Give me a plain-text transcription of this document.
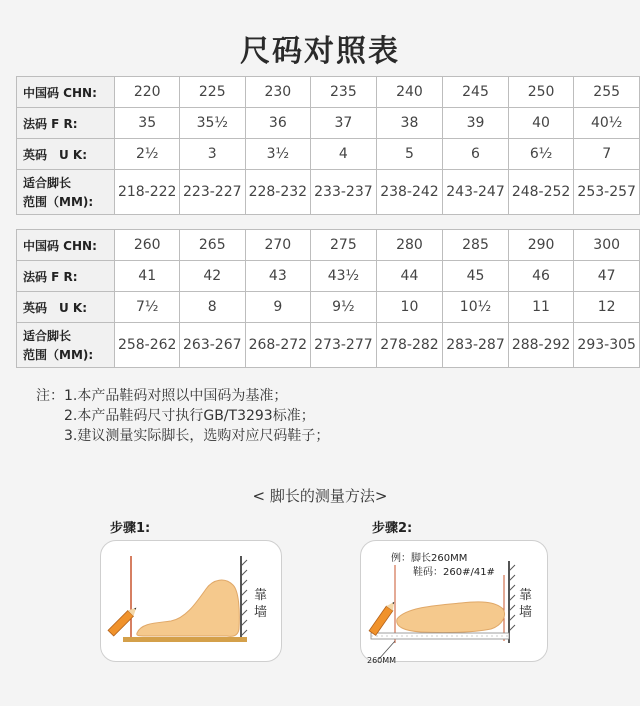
尺码对照表
中国码 CHN:	220	225	230	235	240	245	250	255
法码 F R:	35	35½	36	37	38	39	40	40½
英码　U K:	2½	3	3½	4	5	6	6½	7
适合脚长
范围（MM):	218-222	223-227	228-232	233-237	238-242	243-247	248-252	253-257
中国码 CHN:	260	265	270	275	280	285	290	300
法码 F R:	41	42	43	43½	44	45	46	47
英码　U K:	7½	8	9	9½	10	10½	11	12
适合脚长
范围（MM):	258-262	263-267	268-272	273-277	278-282	283-287	288-292	293-305
注：1.本产品鞋码对照以中国码为基准；
　　2.本产品鞋码尺寸执行GB/T3293标准；
　　3.建议测量实际脚长，选购对应尺码鞋子；
< 脚长的测量方法>
步骤1:	步骤2:
靠
墙
例：脚长260MM
鞋码：260#/41#
260MM
靠
墙
